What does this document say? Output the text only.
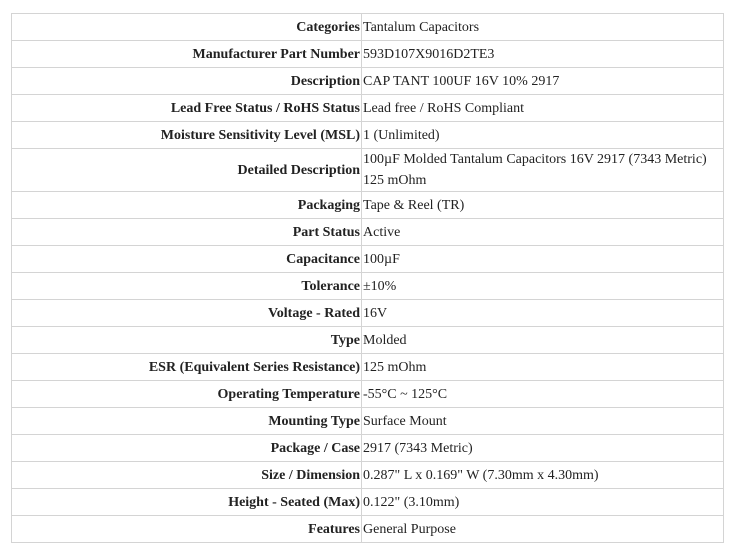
Categories	Tantalum Capacitors
Manufacturer Part Number	593D107X9016D2TE3
Description	CAP TANT 100UF 16V 10% 2917
Lead Free Status / RoHS Status	Lead free / RoHS Compliant
Moisture Sensitivity Level (MSL)	1 (Unlimited)
Detailed Description	100µF Molded Tantalum Capacitors 16V 2917 (7343 Metric) 125 mOhm
Packaging	Tape & Reel (TR)
Part Status	Active
Capacitance	100µF
Tolerance	±10%
Voltage - Rated	16V
Type	Molded
ESR (Equivalent Series Resistance)	125 mOhm
Operating Temperature	-55°C ~ 125°C
Mounting Type	Surface Mount
Package / Case	2917 (7343 Metric)
Size / Dimension	0.287" L x 0.169" W (7.30mm x 4.30mm)
Height - Seated (Max)	0.122" (3.10mm)
Features	General Purpose
